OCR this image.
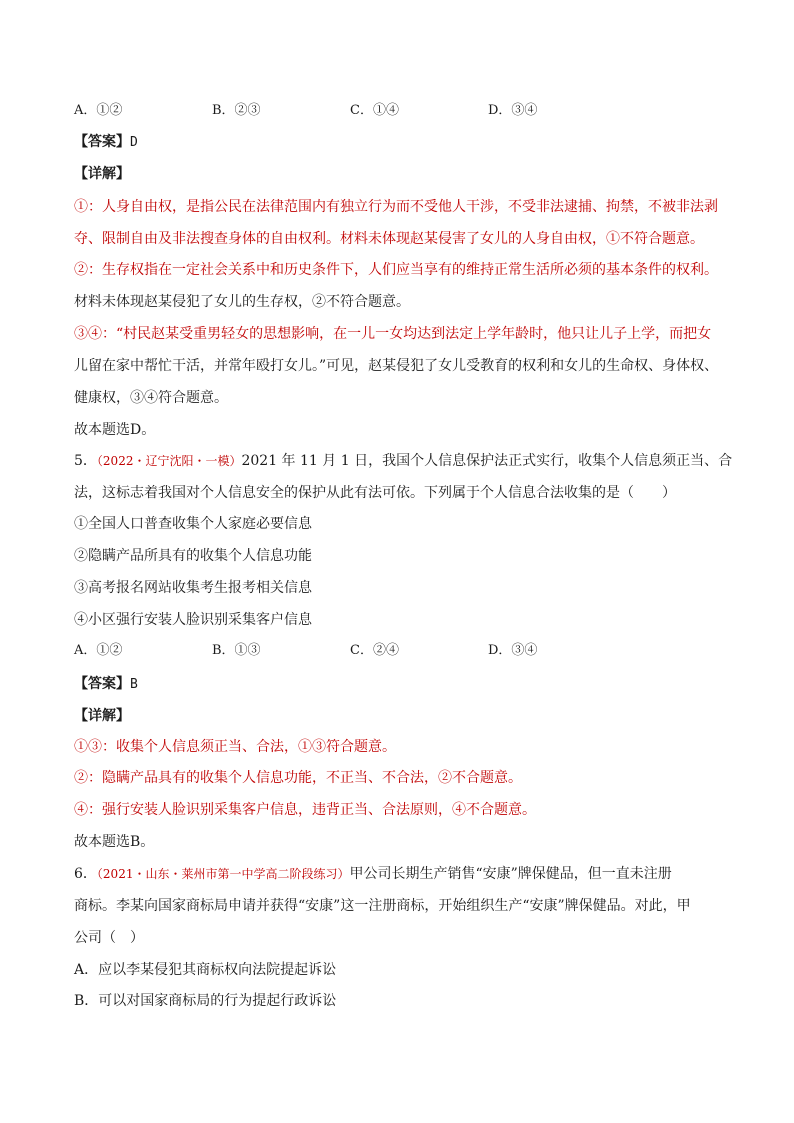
A．①②	B．②③	C．①④	D．③④
【答案】D
【详解】
①：人身自由权，是指公民在法律范围内有独立行为而不受他人干涉，不受非法逮捕、拘禁，不被非法剥
夺、限制自由及非法搜查身体的自由权利。材料未体现赵某侵害了女儿的人身自由权，①不符合题意。
②：生存权指在一定社会关系中和历史条件下，人们应当享有的维持正常生活所必须的基本条件的权利。
材料未体现赵某侵犯了女儿的生存权，②不符合题意。
③④：“村民赵某受重男轻女的思想影响，在一儿一女均达到法定上学年龄时，他只让儿子上学，而把女
儿留在家中帮忙干活，并常年殴打女儿。”可见，赵某侵犯了女儿受教育的权利和女儿的生命权、身体权、
健康权，③④符合题意。
故本题选D。
5．（2022・辽宁沈阳・一模）2021 年 11 月 1 日，我国个人信息保护法正式实行，收集个人信息须正当、合
法，这标志着我国对个人信息安全的保护从此有法可依。下列属于个人信息合法收集的是（　　）
①全国人口普查收集个人家庭必要信息
②隐瞒产品所具有的收集个人信息功能
③高考报名网站收集考生报考相关信息
④小区强行安装人脸识别采集客户信息
A．①②	B．①③	C．②④	D．③④
【答案】B
【详解】
①③：收集个人信息须正当、合法，①③符合题意。
②：隐瞒产品具有的收集个人信息功能，不正当、不合法，②不合题意。
④：强行安装人脸识别采集客户信息，违背正当、合法原则，④不合题意。
故本题选B。
6．（2021・山东・莱州市第一中学高二阶段练习）甲公司长期生产销售“安康”牌保健品，但一直未注册
商标。李某向国家商标局申请并获得“安康”这一注册商标，开始组织生产“安康”牌保健品。对此，甲
公司（　）
A．应以李某侵犯其商标权向法院提起诉讼
B．可以对国家商标局的行为提起行政诉讼
